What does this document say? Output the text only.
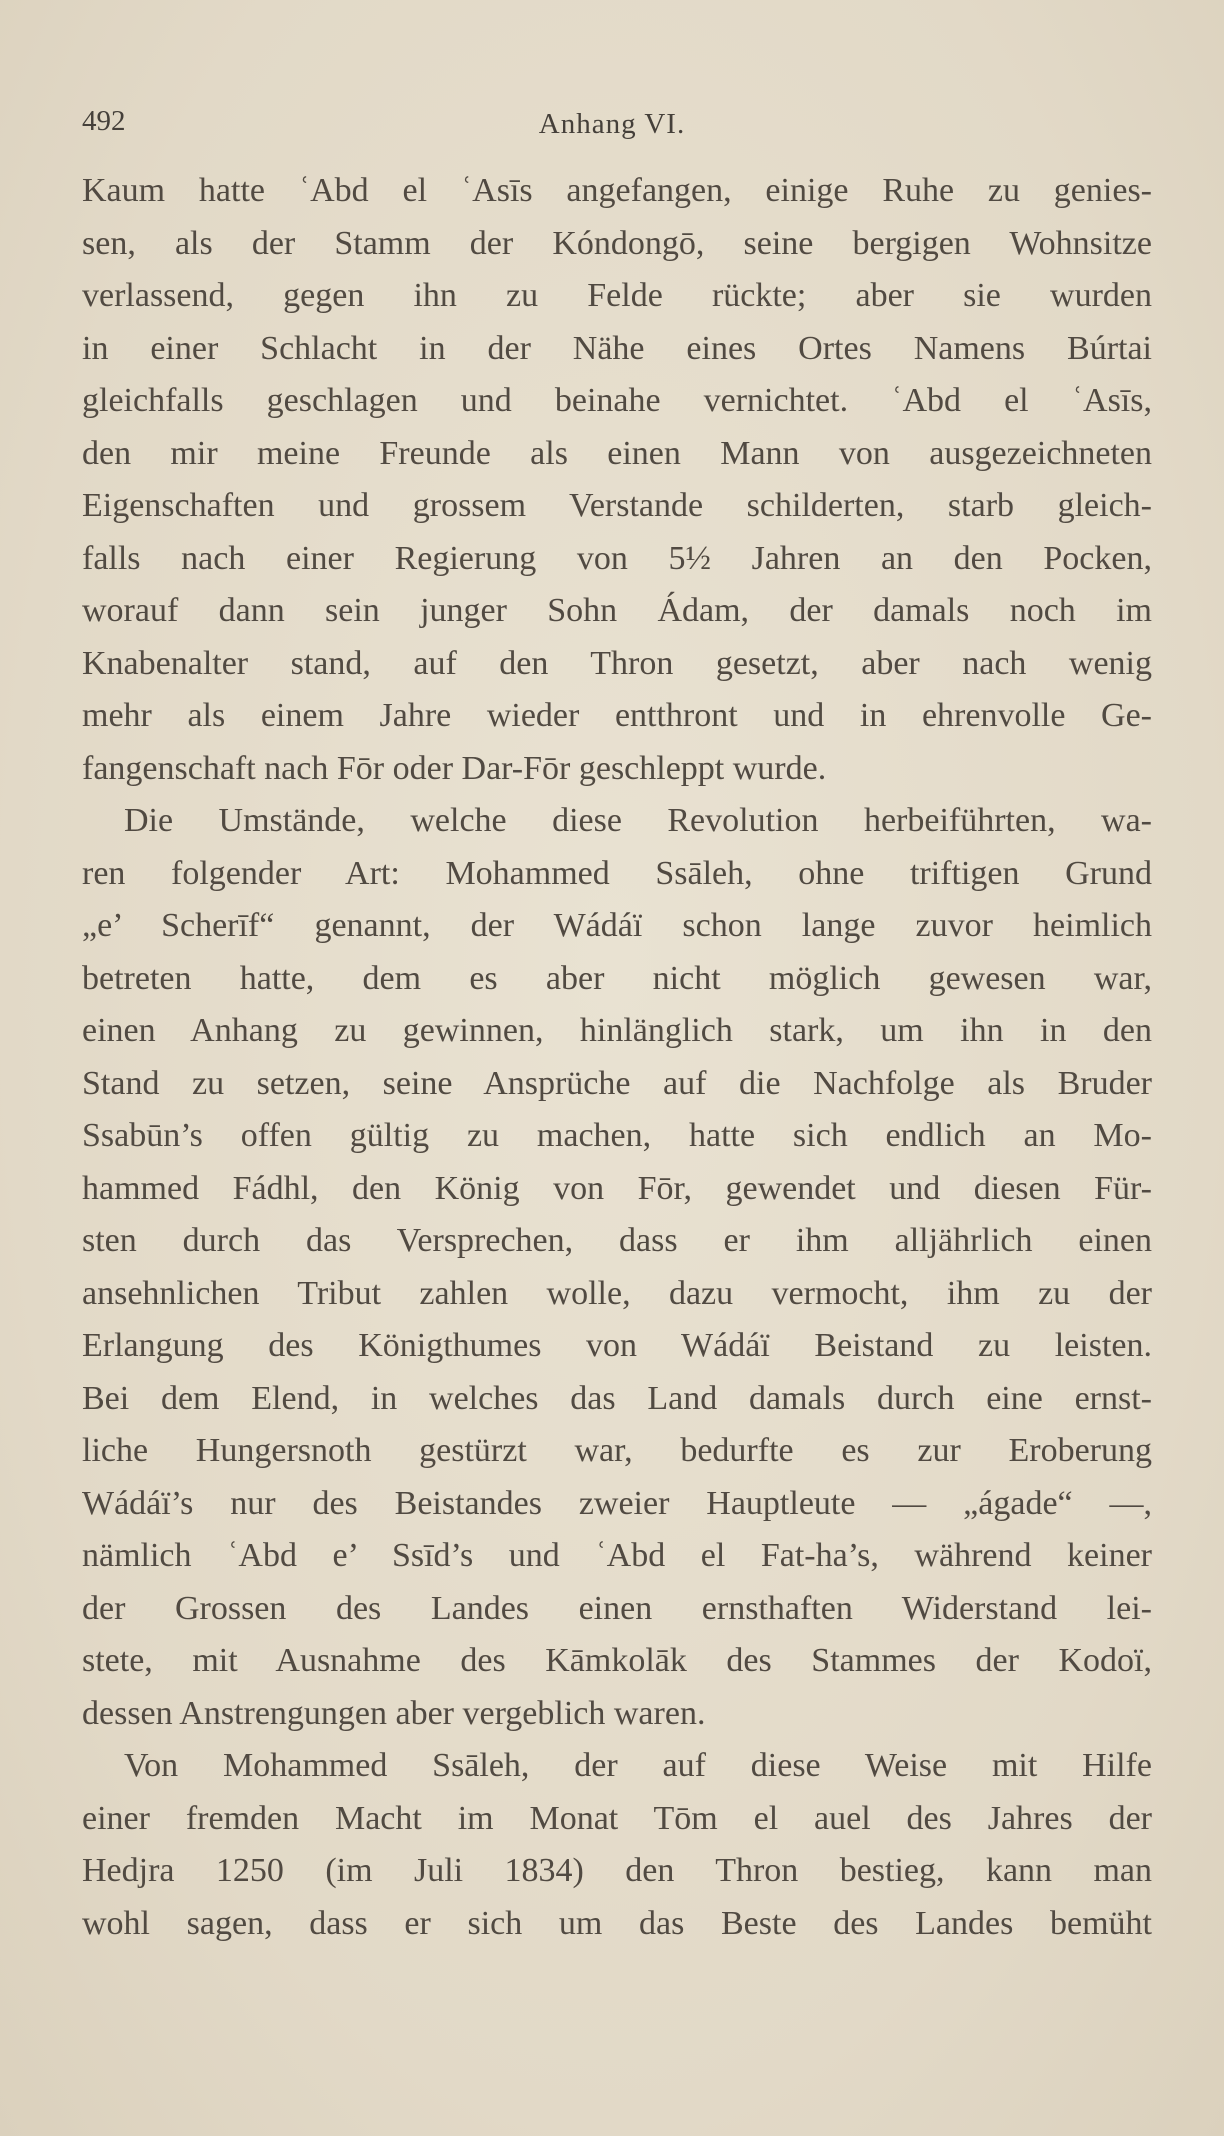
492	Anhang VI.
Kaum hatte ʿAbd el ʿAsīs angefangen, einige Ruhe zu genies-
sen, als der Stamm der Kóndongō, seine bergigen Wohnsitze
verlassend, gegen ihn zu Felde rückte; aber sie wurden
in einer Schlacht in der Nähe eines Ortes Namens Búrtai
gleichfalls geschlagen und beinahe vernichtet. ʿAbd el ʿAsīs,
den mir meine Freunde als einen Mann von ausgezeichneten
Eigenschaften und grossem Verstande schilderten, starb gleich-
falls nach einer Regierung von 5½ Jahren an den Pocken,
worauf dann sein junger Sohn Ádam, der damals noch im
Knabenalter stand, auf den Thron gesetzt, aber nach wenig
mehr als einem Jahre wieder entthront und in ehrenvolle Ge-
fangenschaft nach Fōr oder Dar-Fōr geschleppt wurde.
Die Umstände, welche diese Revolution herbeiführten, wa-
ren folgender Art: Mohammed Ssāleh, ohne triftigen Grund
„e’ Scherīf“ genannt, der Wádáï schon lange zuvor heimlich
betreten hatte, dem es aber nicht möglich gewesen war,
einen Anhang zu gewinnen, hinlänglich stark, um ihn in den
Stand zu setzen, seine Ansprüche auf die Nachfolge als Bruder
Ssabūn’s offen gültig zu machen, hatte sich endlich an Mo-
hammed Fádhl, den König von Fōr, gewendet und diesen Für-
sten durch das Versprechen, dass er ihm alljährlich einen
ansehnlichen Tribut zahlen wolle, dazu vermocht, ihm zu der
Erlangung des Königthumes von Wádáï Beistand zu leisten.
Bei dem Elend, in welches das Land damals durch eine ernst-
liche Hungersnoth gestürzt war, bedurfte es zur Eroberung
Wádáï’s nur des Beistandes zweier Hauptleute — „ágade“ —,
nämlich ʿAbd e’ Ssīd’s und ʿAbd el Fat-ha’s, während keiner
der Grossen des Landes einen ernsthaften Widerstand lei-
stete, mit Ausnahme des Kāmkolāk des Stammes der Kodoï,
dessen Anstrengungen aber vergeblich waren.
Von Mohammed Ssāleh, der auf diese Weise mit Hilfe
einer fremden Macht im Monat Tōm el auel des Jahres der
Hedjra 1250 (im Juli 1834) den Thron bestieg, kann man
wohl sagen, dass er sich um das Beste des Landes bemüht
